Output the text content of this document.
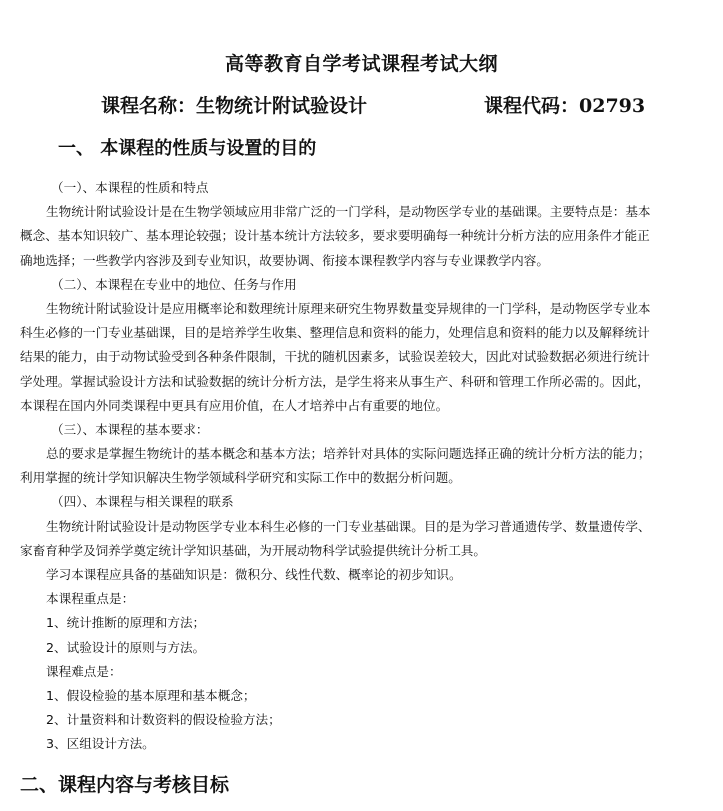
高等教育自学考试课程考试大纲
课程名称：生物统计附试验设计	课程代码：02793
一、 本课程的性质与设置的目的
（一）、本课程的性质和特点
生物统计附试验设计是在生物学领域应用非常广泛的一门学科，是动物医学专业的基础课。主要特点是：基本
概念、基本知识较广、基本理论较强；设计基本统计方法较多，要求要明确每一种统计分析方法的应用条件才能正
确地选择；一些教学内容涉及到专业知识，故要协调、衔接本课程教学内容与专业课教学内容。
（二）、本课程在专业中的地位、任务与作用
生物统计附试验设计是应用概率论和数理统计原理来研究生物界数量变异规律的一门学科，是动物医学专业本
科生必修的一门专业基础课，目的是培养学生收集、整理信息和资料的能力，处理信息和资料的能力以及解释统计
结果的能力，由于动物试验受到各种条件限制，干扰的随机因素多，试验误差较大，因此对试验数据必须进行统计
学处理。掌握试验设计方法和试验数据的统计分析方法，是学生将来从事生产、科研和管理工作所必需的。因此，
本课程在国内外同类课程中更具有应用价值，在人才培养中占有重要的地位。
（三）、本课程的基本要求：
总的要求是掌握生物统计的基本概念和基本方法；培养针对具体的实际问题选择正确的统计分析方法的能力；
利用掌握的统计学知识解决生物学领域科学研究和实际工作中的数据分析问题。
（四）、本课程与相关课程的联系
生物统计附试验设计是动物医学专业本科生必修的一门专业基础课。目的是为学习普通遗传学、数量遗传学、
家畜育种学及饲养学奠定统计学知识基础，为开展动物科学试验提供统计分析工具。
学习本课程应具备的基础知识是：微积分、线性代数、概率论的初步知识。
本课程重点是：
1、统计推断的原理和方法；
2、试验设计的原则与方法。
课程难点是：
1、假设检验的基本原理和基本概念；
2、计量资料和计数资料的假设检验方法；
3、区组设计方法。
二、课程内容与考核目标
